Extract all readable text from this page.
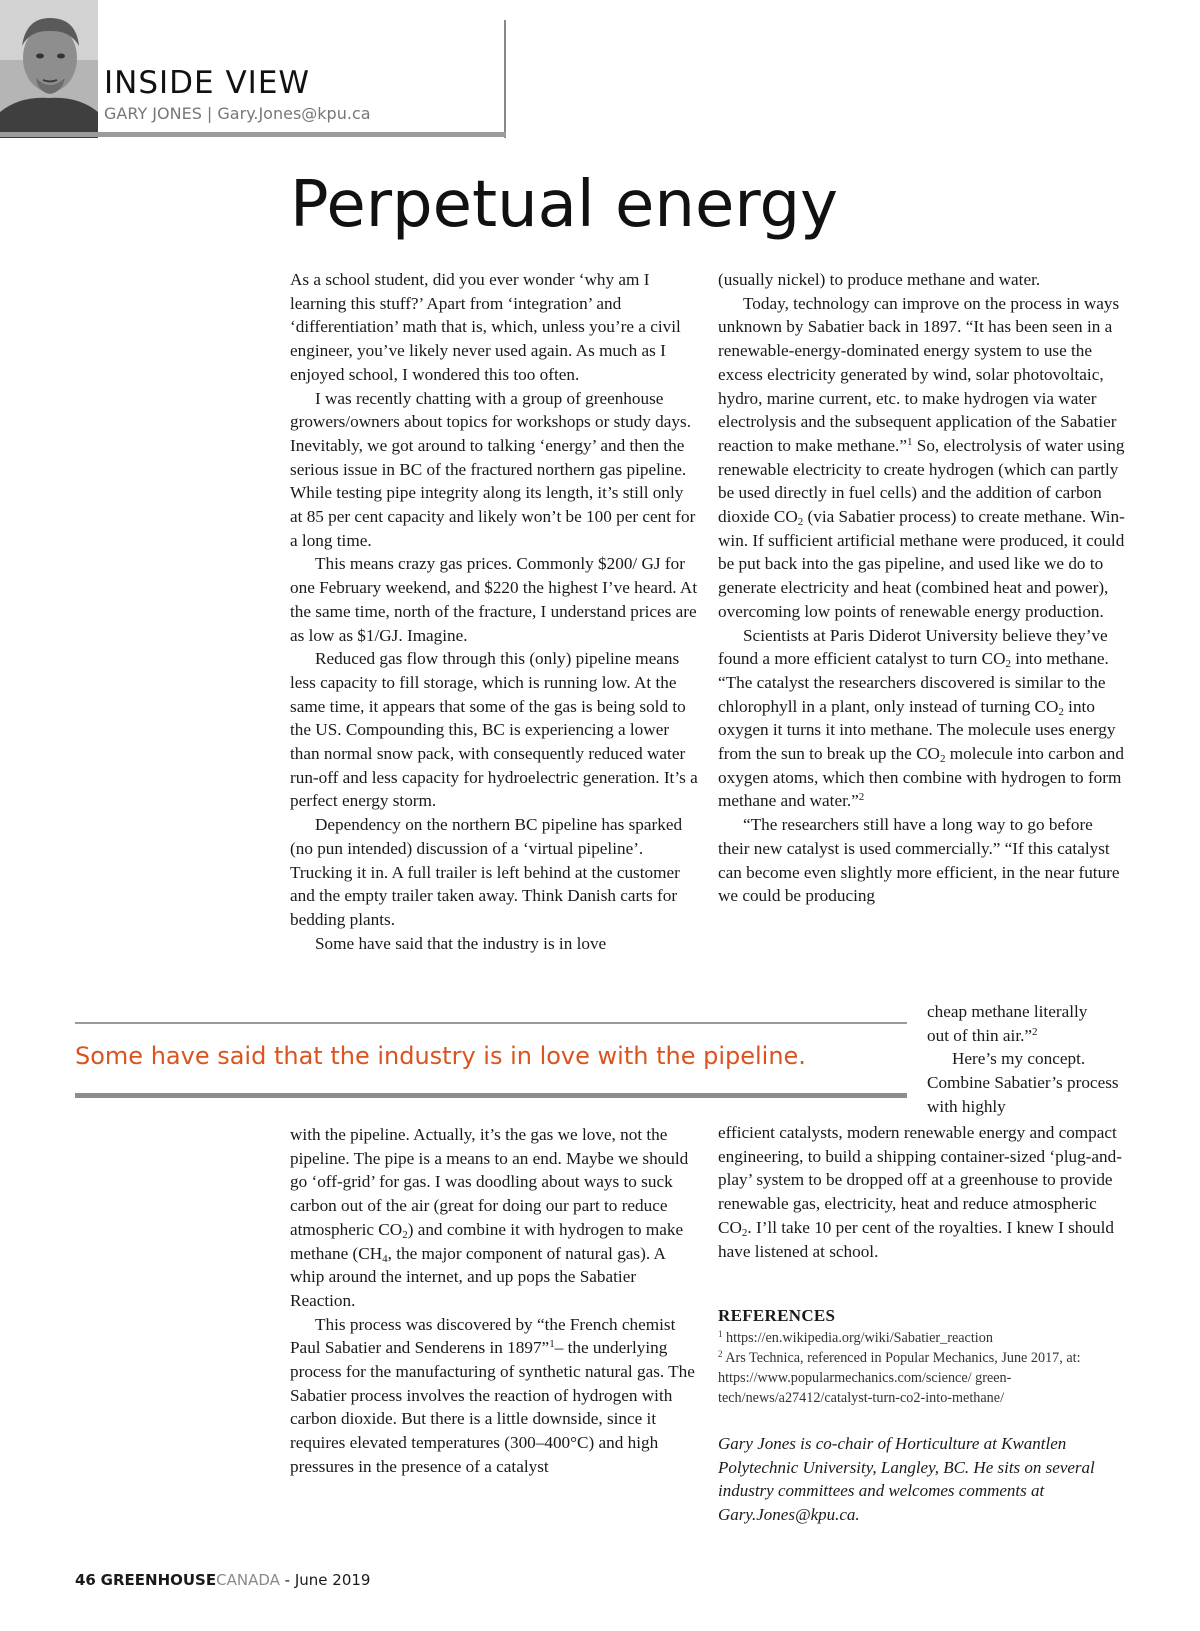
INSIDE VIEW
GARY JONES | Gary.Jones@kpu.ca
Perpetual energy

As a school student, did you ever wonder ‘why am I learning this stuff?’ Apart from ‘integration’ and ‘differentiation’ math that is, which, unless you’re a civil engineer, you’ve likely never used again. As much as I enjoyed school, I wondered this too often.

I was recently chatting with a group of greenhouse growers/owners about topics for workshops or study days. Inevitably, we got around to talking ‘energy’ and then the serious issue in BC of the fractured northern gas pipeline. While testing pipe integrity along its length, it’s still only at 85 per cent capacity and likely won’t be 100 per cent for a long time.

This means crazy gas prices. Commonly $200/ GJ for one February weekend, and $220 the highest I’ve heard. At the same time, north of the fracture, I understand prices are as low as $1/GJ. Imagine.

Reduced gas flow through this (only) pipeline means less capacity to fill storage, which is running low. At the same time, it appears that some of the gas is being sold to the US. Compounding this, BC is experiencing a lower than normal snow pack, with consequently reduced water run-off and less capacity for hydroelectric generation. It’s a perfect energy storm.

Dependency on the northern BC pipeline has sparked (no pun intended) discussion of a ‘virtual pipeline’. Trucking it in. A full trailer is left behind at the customer and the empty trailer taken away. Think Danish carts for bedding plants.

Some have said that the industry is in love

Some have said that the industry is in love with the pipeline.

with the pipeline. Actually, it’s the gas we love, not the pipeline. The pipe is a means to an end. Maybe we should go ‘off-grid’ for gas. I was doodling about ways to suck carbon out of the air (great for doing our part to reduce atmospheric $CO_2$) and combine it with hydrogen to make methane ($CH_4$, the major component of natural gas). A whip around the internet, and up pops the Sabatier Reaction.

This process was discovered by “the French chemist Paul Sabatier and Senderens in 1897”$^1$– the underlying process for the manufacturing of synthetic natural gas. The Sabatier process involves the reaction of hydrogen with carbon dioxide. But there is a little downside, since it requires elevated temperatures (300–400°C) and high pressures in the presence of a catalyst

(usually nickel) to produce methane and water.

Today, technology can improve on the process in ways unknown by Sabatier back in 1897. “It has been seen in a renewable-energy-dominated energy system to use the excess electricity generated by wind, solar photovoltaic, hydro, marine current, etc. to make hydrogen via water electrolysis and the subsequent application of the Sabatier reaction to make methane.”$^1$ So, electrolysis of water using renewable electricity to create hydrogen (which can partly be used directly in fuel cells) and the addition of carbon dioxide $CO_2$ (via Sabatier process) to create methane. Win-win. If sufficient artificial methane were produced, it could be put back into the gas pipeline, and used like we do to generate electricity and heat (combined heat and power), overcoming low points of renewable energy production.

Scientists at Paris Diderot University believe they’ve found a more efficient catalyst to turn $CO_2$ into methane. “The catalyst the researchers discovered is similar to the chlorophyll in a plant, only instead of turning $CO_2$ into oxygen it turns it into methane. The molecule uses energy from the sun to break up the $CO_2$ molecule into carbon and oxygen atoms, which then combine with hydrogen to form methane and water.”$^2$

“The researchers still have a long way to go before their new catalyst is used commercially.” “If this catalyst can become even slightly more efficient, in the near future we could be producing

cheap methane literally

out of thin air.”$^2$

Here’s my concept. Combine Sabatier’s process with highly

efficient catalysts, modern renewable energy and compact engineering, to build a shipping container-sized ‘plug-and-play’ system to be dropped off at a greenhouse to provide renewable gas, electricity, heat and reduce atmospheric $CO_2$. I’ll take 10 per cent of the royalties. I knew I should have listened at school.

REFERENCES
$^1$ https://en.wikipedia.org/wiki/Sabatier_reaction
$^2$ Ars Technica, referenced in Popular Mechanics, June 2017, at: https://www.popularmechanics.com/science/ green-tech/news/a27412/catalyst-turn-co2-into-methane/
Gary Jones is co-chair of Horticulture at Kwantlen Polytechnic University, Langley, BC. He sits on several industry committees and welcomes comments at Gary.Jones@kpu.ca.
46 GREENHOUSECANADA - June 2019
